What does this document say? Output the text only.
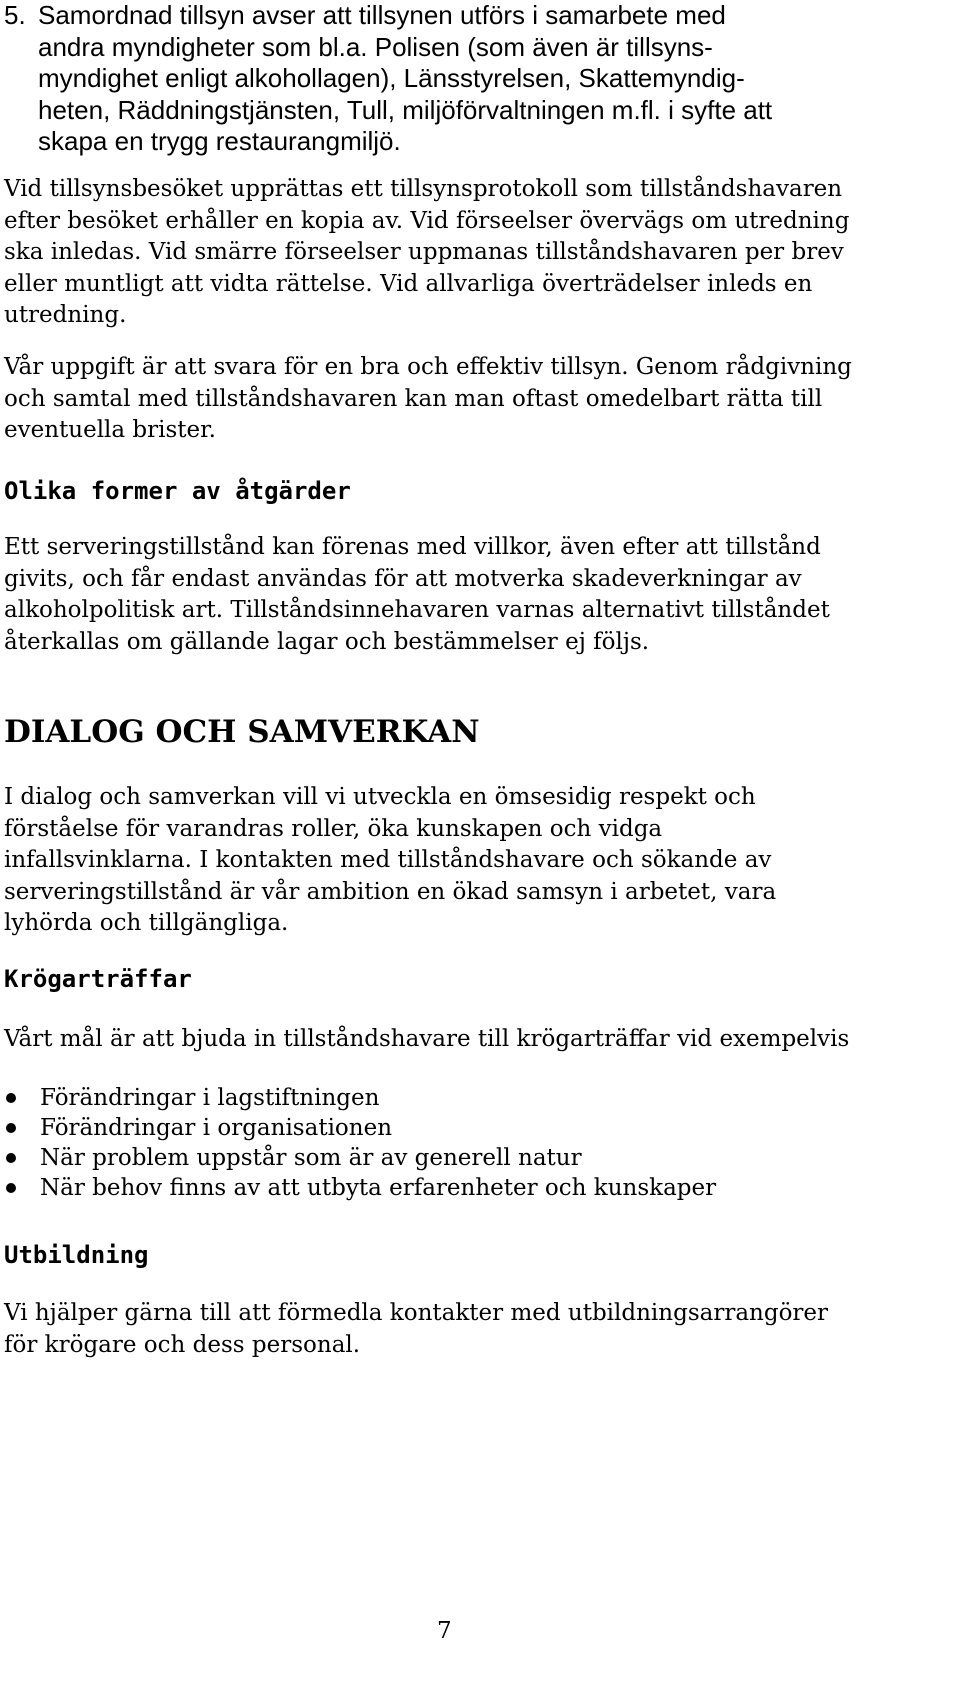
5. Samordnad tillsyn avser att tillsynen utförs i samarbete med
andra myndigheter som bl.a. Polisen (som även är tillsyns-
myndighet enligt alkohollagen), Länsstyrelsen, Skattemyndig-
heten, Räddningstjänsten, Tull, miljöförvaltningen m.fl. i syfte att
skapa en trygg restaurangmiljö.

Vid tillsynsbesöket upprättas ett tillsynsprotokoll som tillståndshavaren
efter besöket erhåller en kopia av. Vid förseelser övervägs om utredning
ska inledas. Vid smärre förseelser uppmanas tillståndshavaren per brev
eller muntligt att vidta rättelse. Vid allvarliga överträdelser inleds en
utredning.

Vår uppgift är att svara för en bra och effektiv tillsyn. Genom rådgivning
och samtal med tillståndshavaren kan man oftast omedelbart rätta till
eventuella brister.

Olika former av åtgärder

Ett serveringstillstånd kan förenas med villkor, även efter att tillstånd
givits, och får endast användas för att motverka skadeverkningar av
alkoholpolitisk art. Tillståndsinnehavaren varnas alternativt tillståndet
återkallas om gällande lagar och bestämmelser ej följs.

DIALOG OCH SAMVERKAN

I dialog och samverkan vill vi utveckla en ömsesidig respekt och
förståelse för varandras roller, öka kunskapen och vidga
infallsvinklarna. I kontakten med tillståndshavare och sökande av
serveringstillstånd är vår ambition en ökad samsyn i arbetet, vara
lyhörda och tillgängliga.

Krögarträffar

Vårt mål är att bjuda in tillståndshavare till krögarträffar vid exempelvis

Förändringar i lagstiftningen
Förändringar i organisationen
När problem uppstår som är av generell natur
När behov finns av att utbyta erfarenheter och kunskaper
Utbildning

Vi hjälper gärna till att förmedla kontakter med utbildningsarrangörer
för krögare och dess personal.

7
